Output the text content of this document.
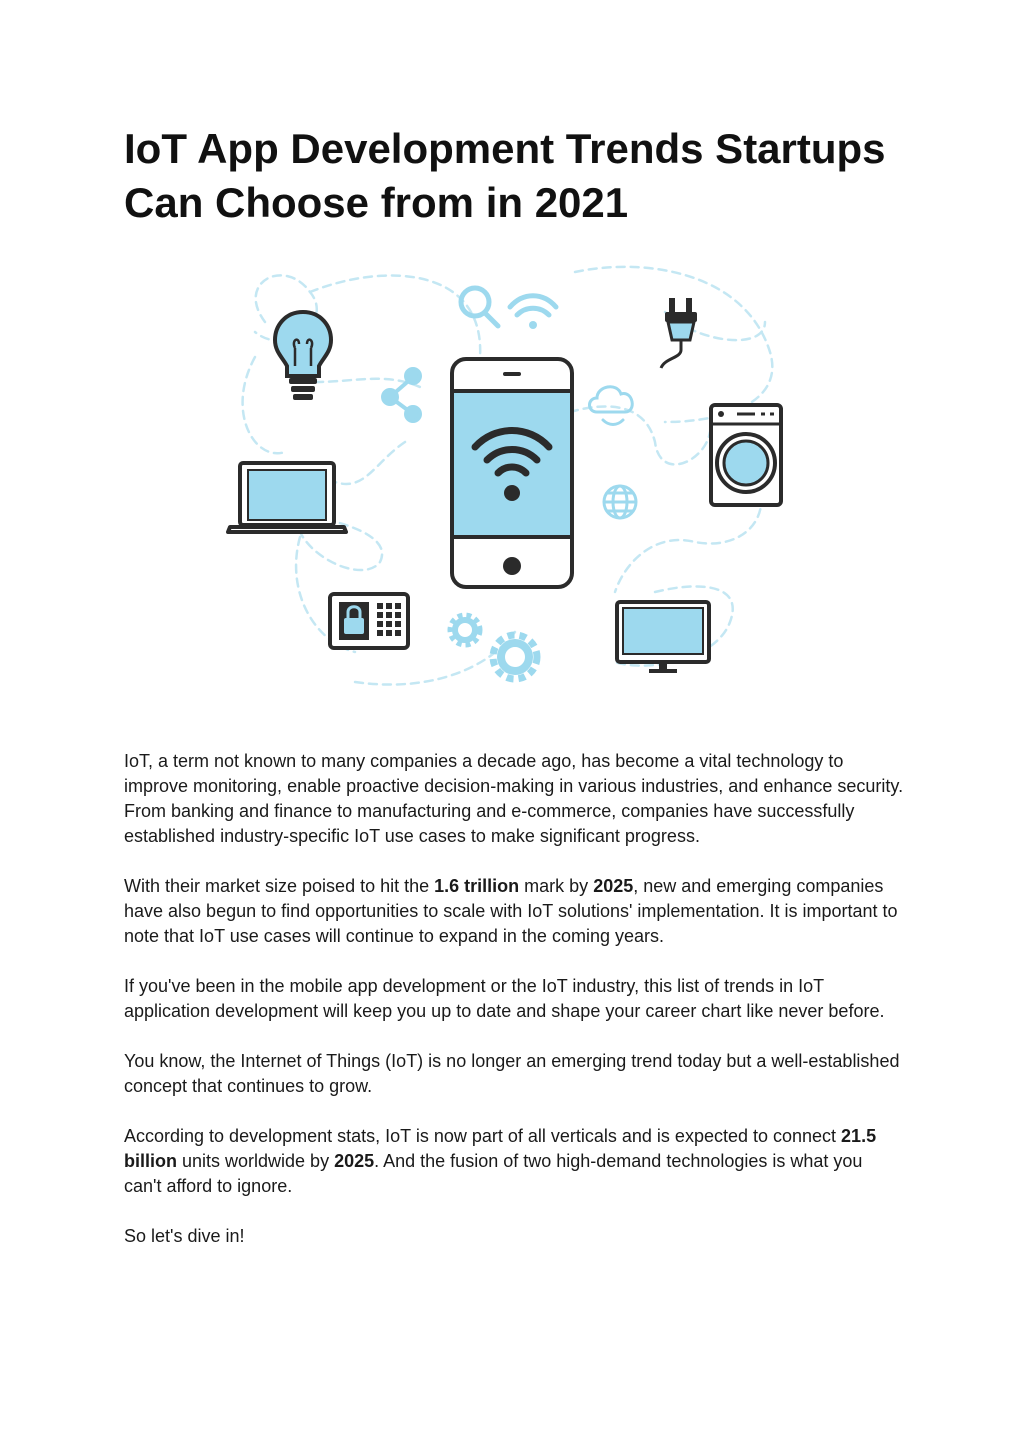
IoT App Development Trends Startups
Can Choose from in 2021

IoT, a term not known to many companies a decade ago, has become a vital technology to improve monitoring, enable proactive decision-making in various industries, and enhance security. From banking and finance to manufacturing and e-commerce, companies have successfully established industry-specific IoT use cases to make significant progress.

With their market size poised to hit the 1.6 trillion mark by 2025, new and emerging companies have also begun to find opportunities to scale with IoT solutions' implementation. It is important to note that IoT use cases will continue to expand in the coming years.

If you've been in the mobile app development or the IoT industry, this list of trends in IoT application development will keep you up to date and shape your career chart like never before.

You know, the Internet of Things (IoT) is no longer an emerging trend today but a well-established concept that continues to grow.

According to development stats, IoT is now part of all verticals and is expected to connect 21.5 billion units worldwide by 2025. And the fusion of two high-demand technologies is what you can't afford to ignore.

So let's dive in!
